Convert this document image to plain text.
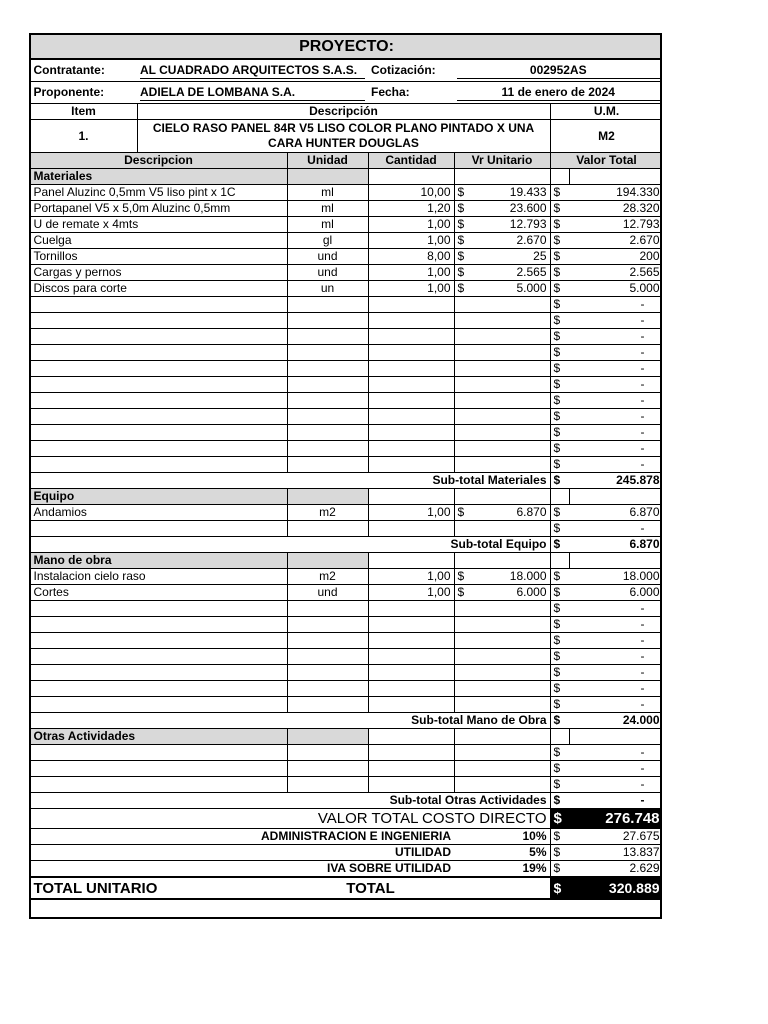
PROYECTO:						
Contratante:	AL CUADRADO ARQUITECTOS S.A.S.		Cotización:	002952AS		
Proponente:	ADIELA DE LOMBANA S.A.		Fecha:	11 de enero de 2024		
Item	Descripción				U.M.	
1.	CIELO RASO PANEL 84R V5 LISO COLOR PLANO PINTADO X UNA CARA HUNTER DOUGLAS				M2	
Descripcion		Unidad	Cantidad	Vr Unitario	Valor Total	
Materiales						
Panel Aluzinc 0,5mm V5 liso pint x 1C		ml	10,00	$ 19.433	$	194.330
Portapanel V5 x 5,0m Aluzinc 0,5mm		ml	1,20	$ 23.600	$	28.320
U de remate x 4mts		ml	1,00	$ 12.793	$	12.793
Cuelga		gl	1,00	$ 2.670	$	2.670
Tornillos		und	8,00	$ 25	$	200
Cargas y pernos		und	1,00	$ 2.565	$	2.565
Discos para corte		un	1,00	$ 5.000	$	5.000
					$	-
					$	-
					$	-
					$	-
					$	-
					$	-
					$	-
					$	-
					$	-
					$	-
					$	-
Sub-total Materiales					$	245.878
Equipo						
Andamios		m2	1,00	$ 6.870	$	6.870
					$	-
Sub-total Equipo					$	6.870
Mano de obra						
Instalacion cielo raso		m2	1,00	$ 18.000	$	18.000
Cortes		und	1,00	$ 6.000	$	6.000
					$	-
					$	-
					$	-
					$	-
					$	-
					$	-
					$	-
Sub-total Mano de Obra					$	24.000
Otras Actividades						
					$	-
					$	-
					$	-
Sub-total Otras Actividades					$	-
VALOR TOTAL COSTO DIRECTO					$	276.748
ADMINISTRACION E INGENIERIA				10%	$	27.675
UTILIDAD				5%	$	13.837
IVA SOBRE UTILIDAD				19%	$	2.629
TOTAL UNITARIO		TOTAL			$	320.889
